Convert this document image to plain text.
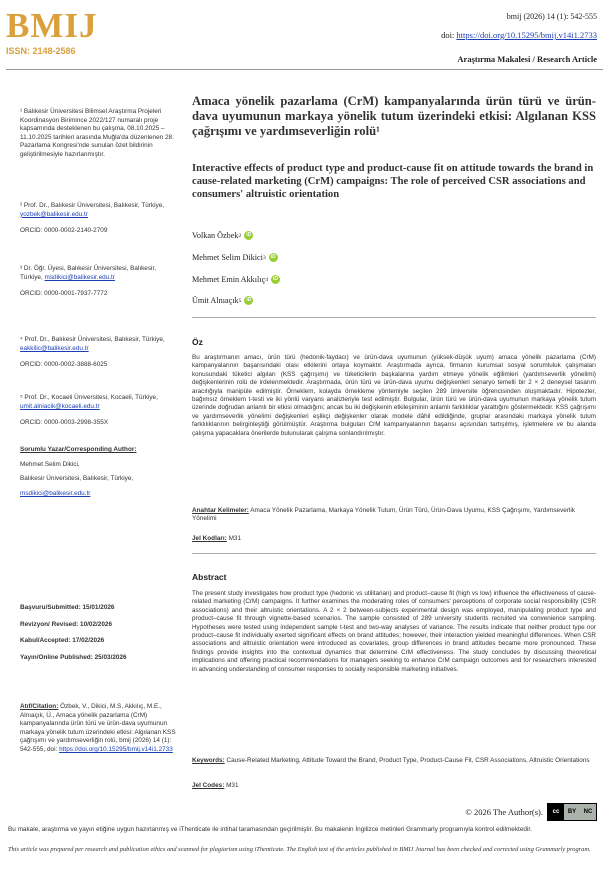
BMIJ
ISSN: 2148-2586
bmij (2026) 14 (1): 542-555
doi: https://doi.org/10.15295/bmij.v14i1.2733
Araştırma Makalesi / Research Article

¹ Balıkesir Üniversitesi Bilimsel Araştırma Projeleri Koordinasyon Birimince 2022/127 numaralı proje kapsamında desteklenen bu çalışma, 08.10.2025 – 11.10.2025 tarihleri arasında Muğla'da düzenlenen 28. Pazarlama Kongresi'nde sunulan özet bildirinin geliştirilmesiyle hazırlanmıştır.

² Prof. Dr., Balıkesir Üniversitesi, Balıkesir, Türkiye, yozbek@balikesir.edu.tr

ORCID: 0000-0002-2140-2709

³ Dr. Öğr. Üyesi, Balıkesir Üniversitesi, Balıkesir, Türkiye, msdikici@balikesir.edu.tr

ORCID: 0000-0001-7937-7772

⁴ Prof. Dr., Balıkesir Üniversitesi, Balıkesir, Türkiye, eakkilic@balikesir.edu.tr

ORCID: 0000-0002-3888-6025

⁵ Prof. Dr., Kocaeli Üniversitesi, Kocaeli, Türkiye, umit.alniacik@kocaeli.edu.tr

ORCID: 0000-0003-2998-355X

Sorumlu Yazar/Corresponding Author:

Mehmet Selim Dikici,

Balıkesir Üniversitesi, Balıkesir, Türkiye,

msdikici@balikesir.edu.tr

Başvuru/Submitted: 15/01/2026

Revizyon/ Revised: 10/02/2026

Kabul/Accepted: 17/02/2026

Yayın/Online Published: 25/03/2026

Atıf/Citation: Özbek, V., Dikici, M.S, Akkılıç, M.E., Alnıaçık, Ü., Amaca yönelik pazarlama (CrM) kampanyalarında ürün türü ve ürün-dava uyumunun markaya yönelik tutum üzerindeki etkisi: Algılanan KSS çağrışımı ve yardımseverliğin rolü, bmij (2026) 14 (1): 542-555, doi: https://doi.org/10.15295/bmij.v14i1.2733

Amaca yönelik pazarlama (CrM) kampanyalarında ürün türü ve ürün-dava uyumunun markaya yönelik tutum üzerindeki etkisi: Algılanan KSS çağrışımı ve yardımseverliğin rolü¹
Interactive effects of product type and product-cause fit on attitude towards the brand in cause-related marketing (CrM) campaigns: The role of perceived CSR associations and consumers' altruistic orientation
Volkan Özbek 2	iD
Mehmet Selim Dikici 3	iD
Mehmet Emin Akkılıç 4	iD
Ümit Alnıaçık 5	iD
Öz
Bu araştırmanın amacı, ürün türü (hedonik-faydacı) ve ürün-dava uyumunun (yüksek-düşük uyum) amaca yönelik pazarlama (CrM) kampanyalarının başarısındaki olası etkilerini ortaya koymaktır. Araştırmada ayrıca, firmanın kurumsal sosyal sorumluluk çalışmaları konusundaki tüketici algıları (KSS çağrışımı) ve tüketicilerin başkalarına yardım etmeye yönelik eğilimleri (yardımseverlik yönelimi) değişkenlerinin rolü de irdelenmektedir. Araştırmada, ürün türü ve ürün-dava uyumu değişkenleri senaryo temelli bir 2 × 2 deneysel tasarım aracılığıyla manipüle edilmiştir. Örneklem, kolayda örnekleme yöntemiyle seçilen 289 üniversite öğrencisinden oluşmaktadır. Hipotezler, bağımsız örneklem t-testi ve iki yönlü varyans analizleriyle test edilmiştir. Bulgular, ürün türü ve ürün-dava uyumunun markaya yönelik tutum üzerinde doğrudan anlamlı bir etkisi olmadığını; ancak bu iki değişkenin etkileşiminin anlamlı farklılıklar yarattığını göstermektedir. KSS çağrışımı ve yardımseverlik yönelimi değişkenleri eşlikçi değişkenler olarak modele dâhil edildiğinde, gruplar arasındaki markaya yönelik tutum farklılıklarının belirginleştiği görülmüştür. Araştırma bulguları CrM kampanyalarının başarısı açısından tartışılmış, işletmelere ve bu alanda çalışma yapacaklara önerilerde bulunularak çalışma sonlandırılmıştır.
Anahtar Kelimeler: Amaca Yönelik Pazarlama, Markaya Yönelik Tutum, Ürün Türü, Ürün-Dava Uyumu, KSS Çağrışımı, Yardımseverlik Yönelimi
Jel Kodları: M31
Abstract
The present study investigates how product type (hedonic vs utilitarian) and product–cause fit (high vs low) influence the effectiveness of cause-related marketing (CrM) campaigns. It further examines the moderating roles of consumers' perceptions of corporate social responsibility (CSR associations) and their altruistic orientations. A 2 × 2 between-subjects experimental design was employed, manipulating product type and product–cause fit through vignette-based scenarios. The sample consisted of 289 university students recruited via convenience sampling. Hypotheses were tested using independent sample t-test and two-way analyses of variance. The results indicate that neither product type nor product–cause fit individually exerted significant effects on brand attitudes; however, their interaction yielded meaningful differences. When CSR associations and altruistic orientation were introduced as covariates, group differences in brand attitudes became more pronounced. These findings provide insights into the contextual dynamics that determine CrM effectiveness. The study concludes by discussing theoretical implications and offering practical recommendations for managers seeking to enhance CrM campaign outcomes and for researchers interested in advancing understanding of consumer responses to socially responsible marketing initiatives.
Keywords: Cause-Related Marketing, Attitude Toward the Brand, Product Type, Product-Cause Fit, CSR Associations, Altruistic Orientations
Jel Codes: M31
© 2026 The Author(s).	cc	BY	NC
Bu makale, araştırma ve yayın etiğine uygun hazırlanmış ve iThenticate ile intihal taramasından geçirilmiştir. Bu makalenin İngilizce metinleri Grammarly programıyla kontrol edilmektedir.
This article was prepared per research and publication ethics and scanned for plagiarism using iThenticate. The English text of the articles published in BMIJ Journal has been checked and corrected using Grammarly program.
